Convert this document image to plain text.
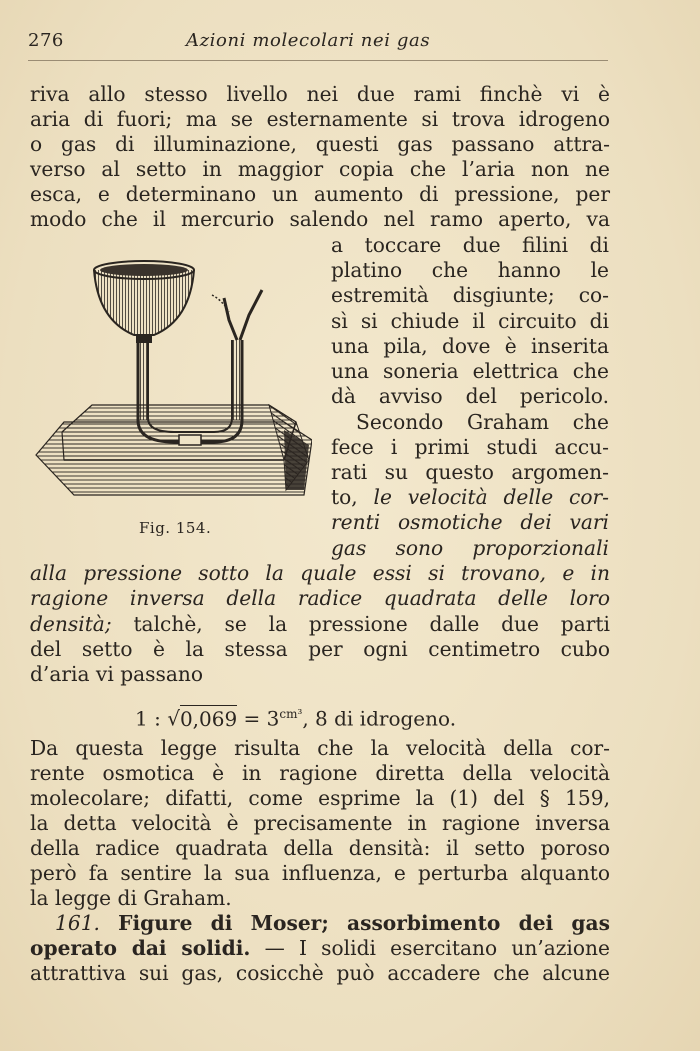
276	Azioni molecolari nei gas
riva allo stesso livello nei due rami finchè vi è
aria di fuori; ma se esternamente si trova idrogeno
o gas di illuminazione, questi gas passano attra-
verso al setto in maggior copia che l’aria non ne
esca, e determinano un aumento di pressione, per
modo che il mercurio salendo nel ramo aperto, va
a toccare due filini di
platino che hanno le
estremità disgiunte; co-
sì si chiude il circuito di
una pila, dove è inserita
una soneria elettrica che
dà avviso del pericolo.
Secondo Graham che
fece i primi studi accu-
rati su questo argomen-
to, le velocità delle cor-
renti osmotiche dei vari
gas sono proporzionali
Fig. 154.
alla pressione sotto la quale essi si trovano, e in
ragione inversa della radice quadrata delle loro
densità; talchè, se la pressione dalle due parti
del setto è la stessa per ogni centimetro cubo
d’aria vi passano
1 : $√0,069 = 3^{cm^3}$, 8 di idrogeno.
Da questa legge risulta che la velocità della cor-
rente osmotica è in ragione diretta della velocità
molecolare; difatti, come esprime la (1) del § 159,
la detta velocità è precisamente in ragione inversa
della radice quadrata della densità: il setto poroso
però fa sentire la sua influenza, e perturba alquanto
la legge di Graham.
161. Figure di Moser; assorbimento dei gas
operato dai solidi. — I solidi esercitano un’azione
attrattiva sui gas, cosicchè può accadere che alcune
